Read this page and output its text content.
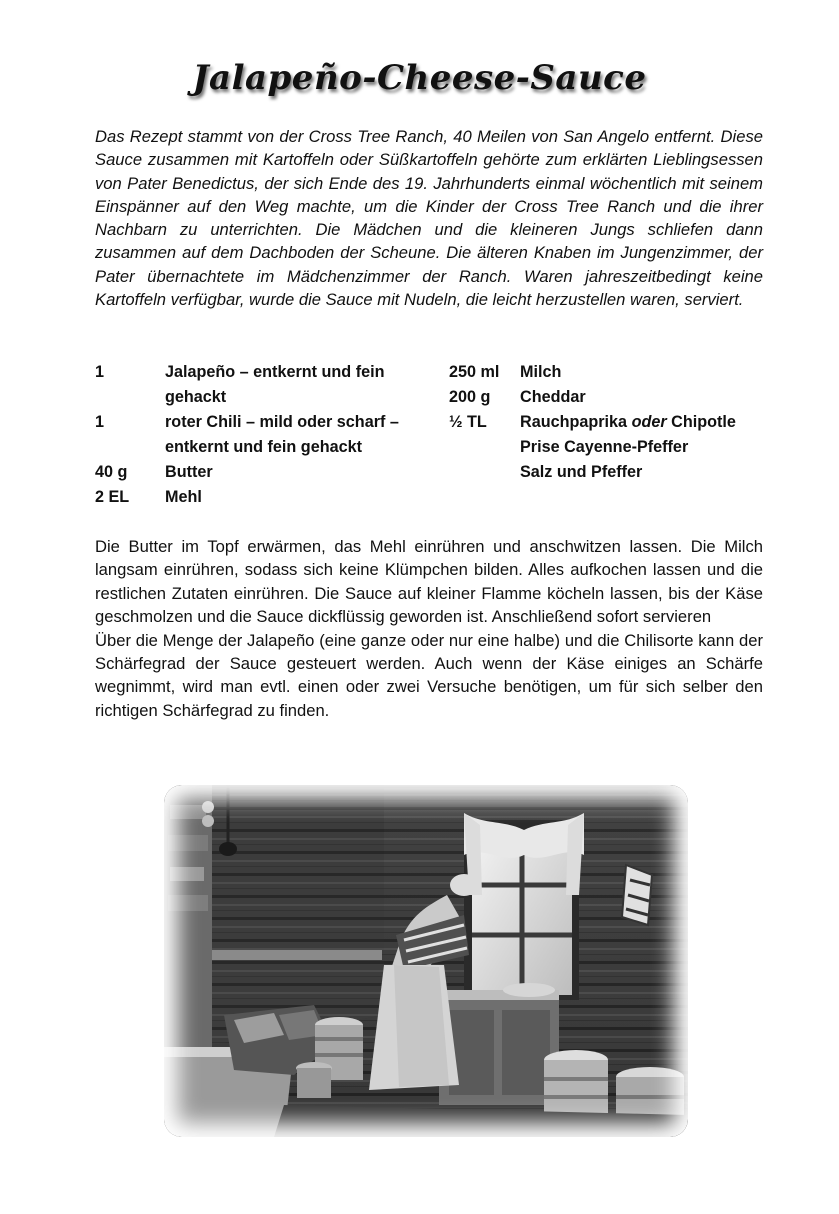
Jalapeño-Cheese-Sauce
Das Rezept stammt von der Cross Tree Ranch, 40 Meilen von San Angelo entfernt. Diese Sauce zusammen mit Kartoffeln oder Süßkartoffeln gehörte zum erklärten Lieblingsessen von Pater Benedictus, der sich Ende des 19. Jahrhunderts einmal wöchentlich mit seinem Einspänner auf den Weg machte, um die Kinder der Cross Tree Ranch und die ihrer Nachbarn zu unterrichten. Die Mädchen und die kleineren Jungs schliefen dann zusammen auf dem Dachboden der Scheune. Die älteren Knaben im Jungenzimmer, der Pater übernachtete im Mädchenzimmer der Ranch. Waren jahreszeitbedingt keine Kartoffeln verfügbar, wurde die Sauce mit Nudeln, die leicht herzustellen waren, serviert.
1	Jalapeño – entkernt und fein gehackt
1	roter Chili – mild oder scharf – entkernt und fein gehackt
40 g Butter
2 EL Mehl
250 ml Milch
200 g Cheddar
½ TL Rauchpaprika oder Chipotle
Prise Cayenne-Pfeffer
Salz und Pfeffer

Die Butter im Topf erwärmen, das Mehl einrühren und anschwitzen lassen. Die Milch langsam einrühren, sodass sich keine Klümpchen bilden. Alles aufkochen lassen und die restlichen Zutaten einrühren. Die Sauce auf kleiner Flamme köcheln lassen, bis der Käse geschmolzen und die Sauce dickflüssig geworden ist. Anschließend sofort servieren

Über die Menge der Jalapeño (eine ganze oder nur eine halbe) und die Chilisorte kann der Schärfegrad der Sauce gesteuert werden. Auch wenn der Käse einiges an Schärfe wegnimmt, wird man evtl. einen oder zwei Versuche benötigen, um für sich selber den richtigen Schärfegrad zu finden.
